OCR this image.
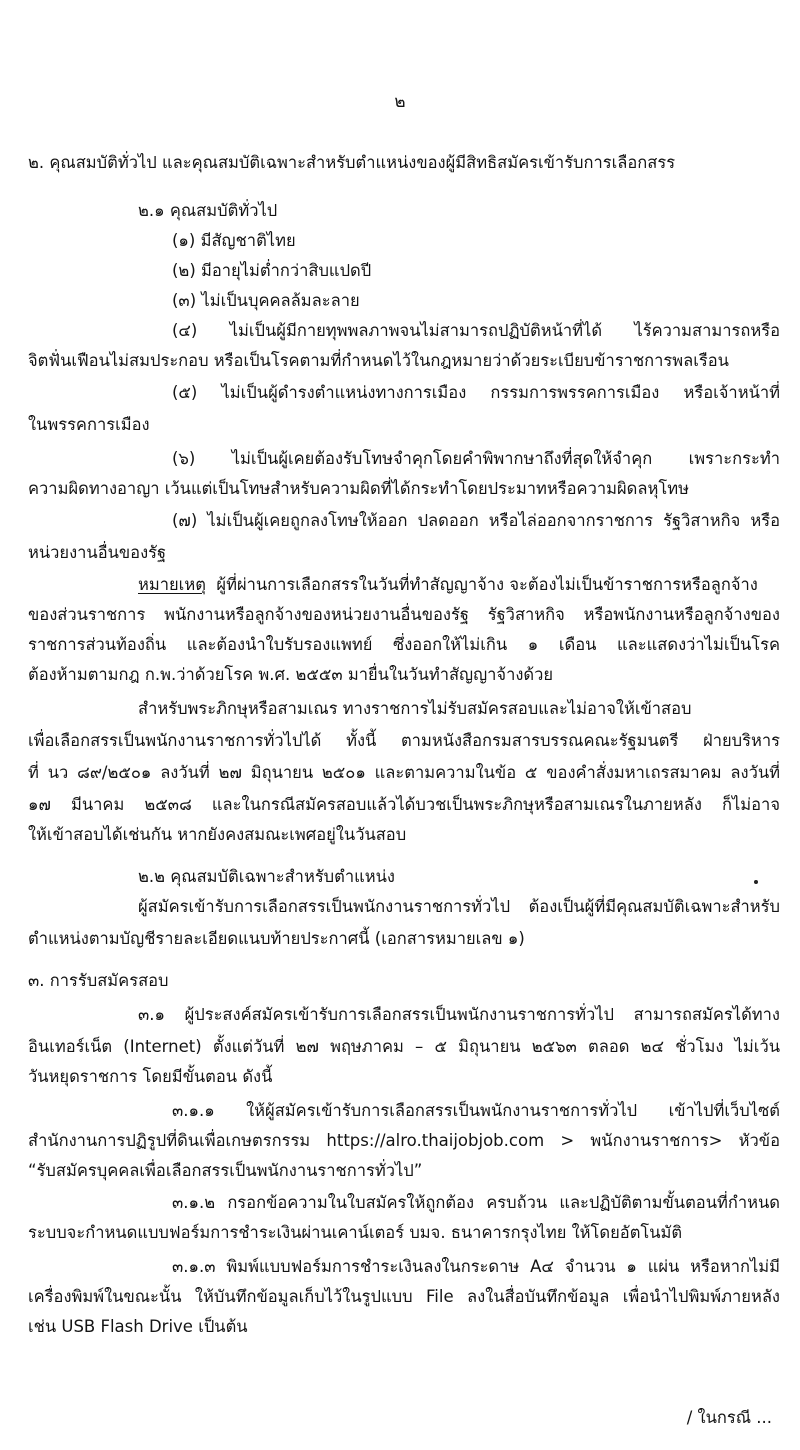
๒
๒. คุณสมบัติทั่วไป และคุณสมบัติเฉพาะสำหรับตำแหน่งของผู้มีสิทธิสมัครเข้ารับการเลือกสรร
๒.๑ คุณสมบัติทั่วไป
(๑) มีสัญชาติไทย
(๒) มีอายุไม่ต่ำกว่าสิบแปดปี
(๓) ไม่เป็นบุคคลล้มละลาย
(๔) ไม่เป็นผู้มีกายทุพพลภาพจนไม่สามารถปฏิบัติหน้าที่ได้ ไร้ความสามารถหรือ
จิตฟั่นเฟือนไม่สมประกอบ หรือเป็นโรคตามที่กำหนดไว้ในกฎหมายว่าด้วยระเบียบข้าราชการพลเรือน
(๕) ไม่เป็นผู้ดำรงตำแหน่งทางการเมือง กรรมการพรรคการเมือง หรือเจ้าหน้าที่
ในพรรคการเมือง
(๖) ไม่เป็นผู้เคยต้องรับโทษจำคุกโดยคำพิพากษาถึงที่สุดให้จำคุก เพราะกระทำ
ความผิดทางอาญา เว้นแต่เป็นโทษสำหรับความผิดที่ได้กระทำโดยประมาทหรือความผิดลหุโทษ
(๗) ไม่เป็นผู้เคยถูกลงโทษให้ออก ปลดออก หรือไล่ออกจากราชการ รัฐวิสาหกิจ หรือ
หน่วยงานอื่นของรัฐ
หมายเหตุ ผู้ที่ผ่านการเลือกสรรในวันที่ทำสัญญาจ้าง จะต้องไม่เป็นข้าราชการหรือลูกจ้าง
ของส่วนราชการ พนักงานหรือลูกจ้างของหน่วยงานอื่นของรัฐ รัฐวิสาหกิจ หรือพนักงานหรือลูกจ้างของ
ราชการส่วนท้องถิ่น และต้องนำใบรับรองแพทย์ ซึ่งออกให้ไม่เกิน ๑ เดือน และแสดงว่าไม่เป็นโรค
ต้องห้ามตามกฎ ก.พ.ว่าด้วยโรค พ.ศ. ๒๕๕๓ มายื่นในวันทำสัญญาจ้างด้วย
สำหรับพระภิกษุหรือสามเณร ทางราชการไม่รับสมัครสอบและไม่อาจให้เข้าสอบ
เพื่อเลือกสรรเป็นพนักงานราชการทั่วไปได้ ทั้งนี้ ตามหนังสือกรมสารบรรณคณะรัฐมนตรี ฝ่ายบริหาร
ที่ นว ๘๙/๒๕๐๑ ลงวันที่ ๒๗ มิถุนายน ๒๕๐๑ และตามความในข้อ ๕ ของคำสั่งมหาเถรสมาคม ลงวันที่
๑๗ มีนาคม ๒๕๓๘ และในกรณีสมัครสอบแล้วได้บวชเป็นพระภิกษุหรือสามเณรในภายหลัง ก็ไม่อาจ
ให้เข้าสอบได้เช่นกัน หากยังคงสมณะเพศอยู่ในวันสอบ
๒.๒ คุณสมบัติเฉพาะสำหรับตำแหน่ง
ผู้สมัครเข้ารับการเลือกสรรเป็นพนักงานราชการทั่วไป ต้องเป็นผู้ที่มีคุณสมบัติเฉพาะสำหรับ
ตำแหน่งตามบัญชีรายละเอียดแนบท้ายประกาศนี้ (เอกสารหมายเลข ๑)
๓. การรับสมัครสอบ
๓.๑ ผู้ประสงค์สมัครเข้ารับการเลือกสรรเป็นพนักงานราชการทั่วไป สามารถสมัครได้ทาง
อินเทอร์เน็ต (Internet) ตั้งแต่วันที่ ๒๗ พฤษภาคม – ๕ มิถุนายน ๒๕๖๓ ตลอด ๒๔ ชั่วโมง ไม่เว้น
วันหยุดราชการ โดยมีขั้นตอน ดังนี้
๓.๑.๑ ให้ผู้สมัครเข้ารับการเลือกสรรเป็นพนักงานราชการทั่วไป เข้าไปที่เว็บไซต์
สำนักงานการปฏิรูปที่ดินเพื่อเกษตรกรรม https://alro.thaijobjob.com > พนักงานราชการ> หัวข้อ
“รับสมัครบุคคลเพื่อเลือกสรรเป็นพนักงานราชการทั่วไป”
๓.๑.๒ กรอกข้อความในใบสมัครให้ถูกต้อง ครบถ้วน และปฏิบัติตามขั้นตอนที่กำหนด
ระบบจะกำหนดแบบฟอร์มการชำระเงินผ่านเคาน์เตอร์ บมจ. ธนาคารกรุงไทย ให้โดยอัตโนมัติ
๓.๑.๓ พิมพ์แบบฟอร์มการชำระเงินลงในกระดาษ A๔ จำนวน ๑ แผ่น หรือหากไม่มี
เครื่องพิมพ์ในขณะนั้น ให้บันทึกข้อมูลเก็บไว้ในรูปแบบ File ลงในสื่อบันทึกข้อมูล เพื่อนำไปพิมพ์ภายหลัง
เช่น USB Flash Drive เป็นต้น
/ ในกรณี ...
